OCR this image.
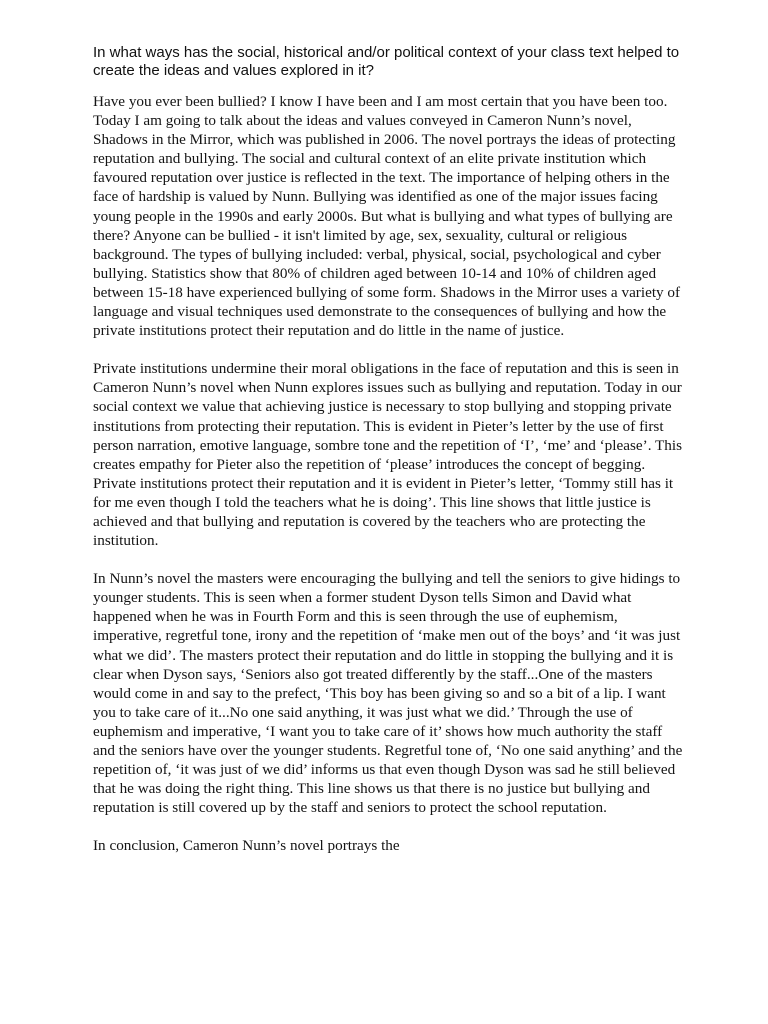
In what ways has the social, historical and/or political context of your class text helped to create the ideas and values explored in it?

Have you ever been bullied? I know I have been and I am most certain that you have been too. Today I am going to talk about the ideas and values conveyed in Cameron Nunn’s novel, Shadows in the Mirror, which was published in 2006. The novel portrays the ideas of protecting reputation and bullying. The social and cultural context of an elite private institution which favoured reputation over justice is reflected in the text. The importance of helping others in the face of hardship is valued by Nunn. Bullying was identified as one of the major issues facing young people in the 1990s and early 2000s. But what is bullying and what types of bullying are there? Anyone can be bullied - it isn't limited by age, sex, sexuality, cultural or religious background. The types of bullying included: verbal, physical, social, psychological and cyber bullying. Statistics show that 80% of children aged between 10-14 and 10% of children aged between 15-18 have experienced bullying of some form. Shadows in the Mirror uses a variety of language and visual techniques used demonstrate to the consequences of bullying and how the private institutions protect their reputation and do little in the name of justice.

Private institutions undermine their moral obligations in the face of reputation and this is seen in Cameron Nunn’s novel when Nunn explores issues such as bullying and reputation. Today in our social context we value that achieving justice is necessary to stop bullying and stopping private institutions from protecting their reputation. This is evident in Pieter’s letter by the use of first person narration, emotive language, sombre tone and the repetition of ‘I’, ‘me’ and ‘please’. This creates empathy for Pieter also the repetition of ‘please’ introduces the concept of begging. Private institutions protect their reputation and it is evident in Pieter’s letter, ‘Tommy still has it for me even though I told the teachers what he is doing’. This line shows that little justice is achieved and that bullying and reputation is covered by the teachers who are protecting the institution.

In Nunn’s novel the masters were encouraging the bullying and tell the seniors to give hidings to younger students. This is seen when a former student Dyson tells Simon and David what happened when he was in Fourth Form and this is seen through the use of euphemism, imperative, regretful tone, irony and the repetition of ‘make men out of the boys’ and ‘it was just what we did’. The masters protect their reputation and do little in stopping the bullying and it is clear when Dyson says, ‘Seniors also got treated differently by the staff...One of the masters would come in and say to the prefect, ‘This boy has been giving so and so a bit of a lip. I want you to take care of it...No one said anything, it was just what we did.’ Through the use of euphemism and imperative, ‘I want you to take care of it’ shows how much authority the staff and the seniors have over the younger students. Regretful tone of, ‘No one said anything’ and the repetition of, ‘it was just of we did’ informs us that even though Dyson was sad he still believed that he was doing the right thing. This line shows us that there is no justice but bullying and reputation is still covered up by the staff and seniors to protect the school reputation.

In conclusion, Cameron Nunn’s novel portrays the
